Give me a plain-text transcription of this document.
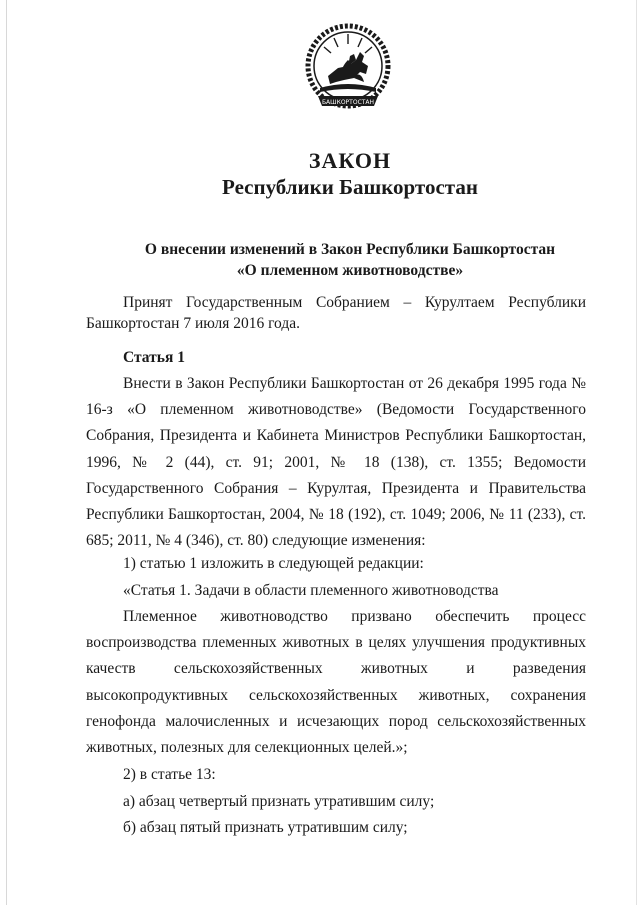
БАШКОРТОСТАН
ЗАКОН
Республики Башкортостан

О внесении изменений в Закон Республики Башкортостан

«О племенном животноводстве»

Принят Государственным Собранием – Курултаем Республики Башкортостан 7 июля 2016 года.

Статья 1

Внести в Закон Республики Башкортостан от 26 декабря 1995 года № 16-з «О племенном животноводстве» (Ведомости Государственного Собрания, Президента и Кабинета Министров Республики Башкортостан, 1996, № 2 (44), ст. 91; 2001, № 18 (138), ст. 1355; Ведомости Государственного Собрания – Курултая, Президента и Правительства Республики Башкортостан, 2004, № 18 (192), ст. 1049; 2006, № 11 (233), ст. 685; 2011, № 4 (346), ст. 80) следующие изменения:

1) статью 1 изложить в следующей редакции:

«Статья 1. Задачи в области племенного животноводства

Племенное животноводство призвано обеспечить процесс воспроизводства племенных животных в целях улучшения продуктивных качеств сельскохозяйственных животных и разведения высокопродуктивных сельскохозяйственных животных, сохранения генофонда малочисленных и исчезающих пород сельскохозяйственных животных, полезных для селекционных целей.»;

2) в статье 13:

а) абзац четвертый признать утратившим силу;

б) абзац пятый признать утратившим силу;
